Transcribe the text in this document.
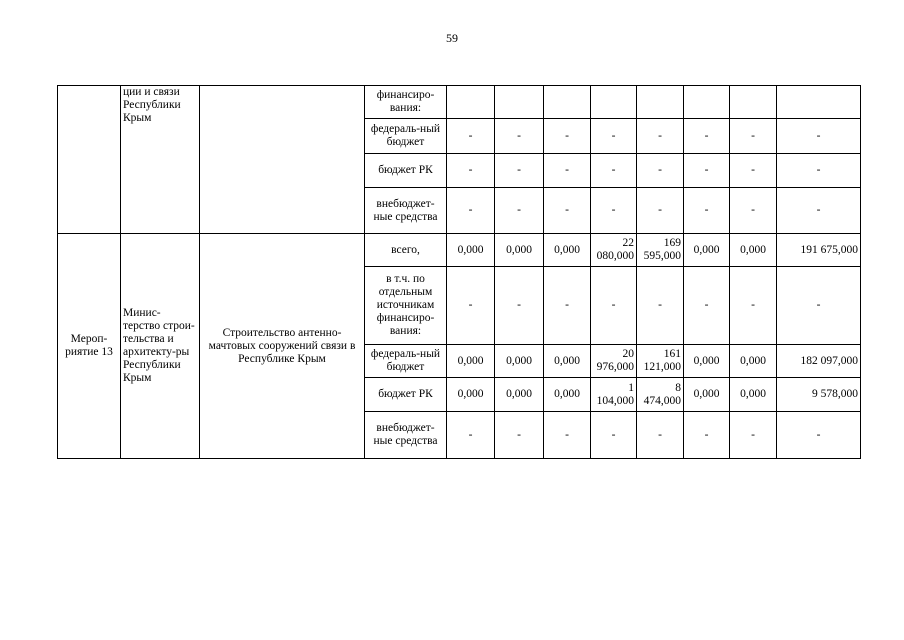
59
	ции и связи Республики Крым		финансиро-вания:								
			федераль-ный бюджет	-	-	-	-	-	-	-	-
			бюджет РК	-	-	-	-	-	-	-	-
			внебюджет-ные средства	-	-	-	-	-	-	-	-
Мероп-риятие 13	Минис-терство строи-тельства и архитекту-ры Республики Крым	Строительство антенно-мачтовых сооружений связи в Республике Крым	всего,	0,000	0,000	0,000	22 080,000	169 595,000	0,000	0,000	191 675,000
			в т.ч. по отдельным источникам финансиро-вания:	-	-	-	-	-	-	-	-
			федераль-ный бюджет	0,000	0,000	0,000	20 976,000	161 121,000	0,000	0,000	182 097,000
			бюджет РК	0,000	0,000	0,000	1 104,000	8 474,000	0,000	0,000	9 578,000
			внебюджет-ные средства	-	-	-	-	-	-	-	-
